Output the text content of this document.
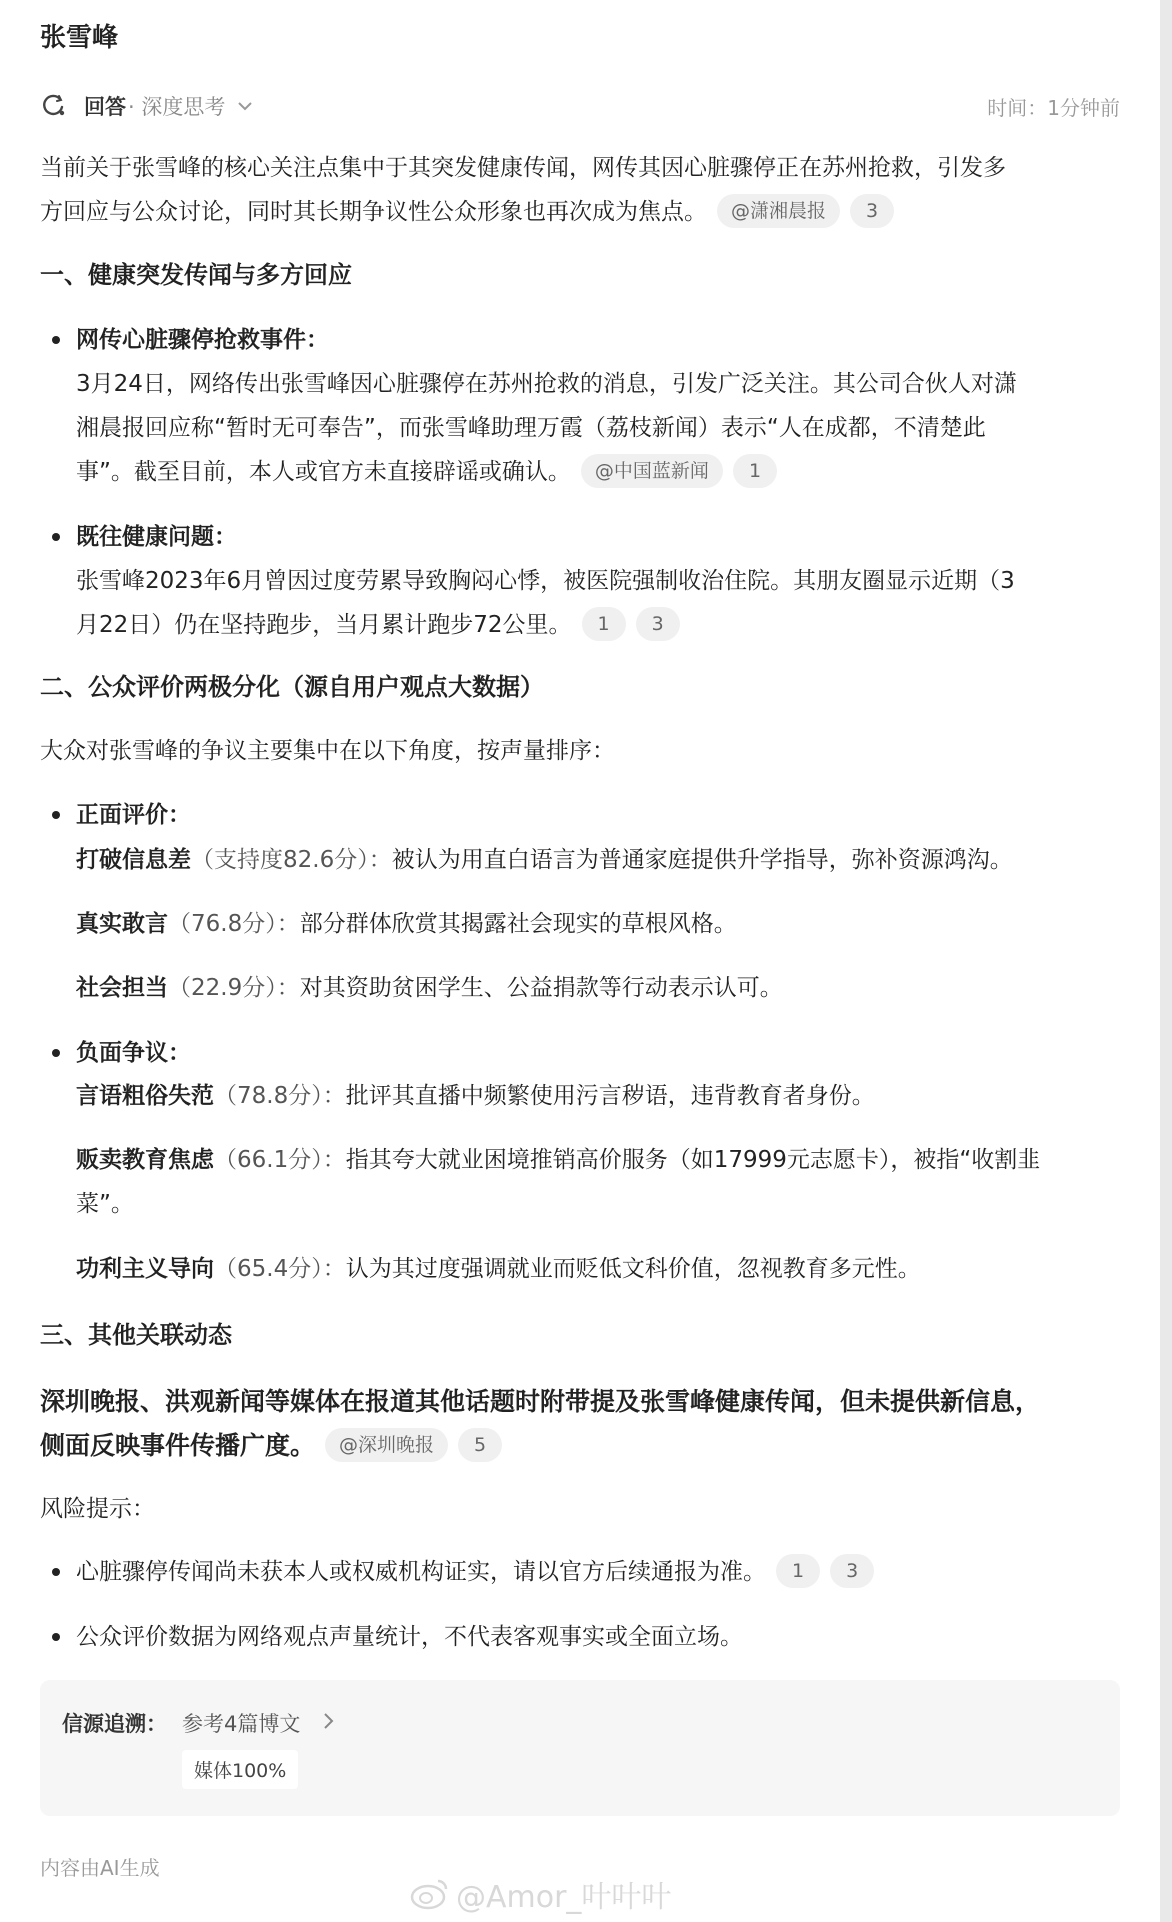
张雪峰
回答 · 深度思考	时间：1分钟前
当前关于张雪峰的核心关注点集中于其突发健康传闻，网传其因心脏骤停正在苏州抢救，引发多
方回应与公众讨论，同时其长期争议性公众形象也再次成为焦点。 @潇湘晨报 3
一、健康突发传闻与多方回应
网传心脏骤停抢救事件：
3月24日，网络传出张雪峰因心脏骤停在苏州抢救的消息，引发广泛关注。其公司合伙人对潇
湘晨报回应称“暂时无可奉告”，而张雪峰助理万霞（荔枝新闻）表示“人在成都，不清楚此
事”。截至目前，本人或官方未直接辟谣或确认。 @中国蓝新闻 1
既往健康问题：
张雪峰2023年6月曾因过度劳累导致胸闷心悸，被医院强制收治住院。其朋友圈显示近期（3
月22日）仍在坚持跑步，当月累计跑步72公里。 1 3
二、公众评价两极分化（源自用户观点大数据）
大众对张雪峰的争议主要集中在以下角度，按声量排序：
正面评价：
打破信息差（支持度82.6分）：被认为用直白语言为普通家庭提供升学指导，弥补资源鸿沟。
真实敢言（76.8分）：部分群体欣赏其揭露社会现实的草根风格。
社会担当（22.9分）：对其资助贫困学生、公益捐款等行动表示认可。
负面争议：
言语粗俗失范（78.8分）：批评其直播中频繁使用污言秽语，违背教育者身份。
贩卖教育焦虑（66.1分）：指其夸大就业困境推销高价服务（如17999元志愿卡），被指“收割韭
菜”。
功利主义导向（65.4分）：认为其过度强调就业而贬低文科价值，忽视教育多元性。
三、其他关联动态
深圳晚报、洪观新闻等媒体在报道其他话题时附带提及张雪峰健康传闻，但未提供新信息，
侧面反映事件传播广度。 @深圳晚报 5
风险提示：
心脏骤停传闻尚未获本人或权威机构证实，请以官方后续通报为准。 1 3
公众评价数据为网络观点声量统计，不代表客观事实或全面立场。
信源追溯： 参考4篇博文
媒体100%
内容由AI生成
@Amor_叶叶叶
